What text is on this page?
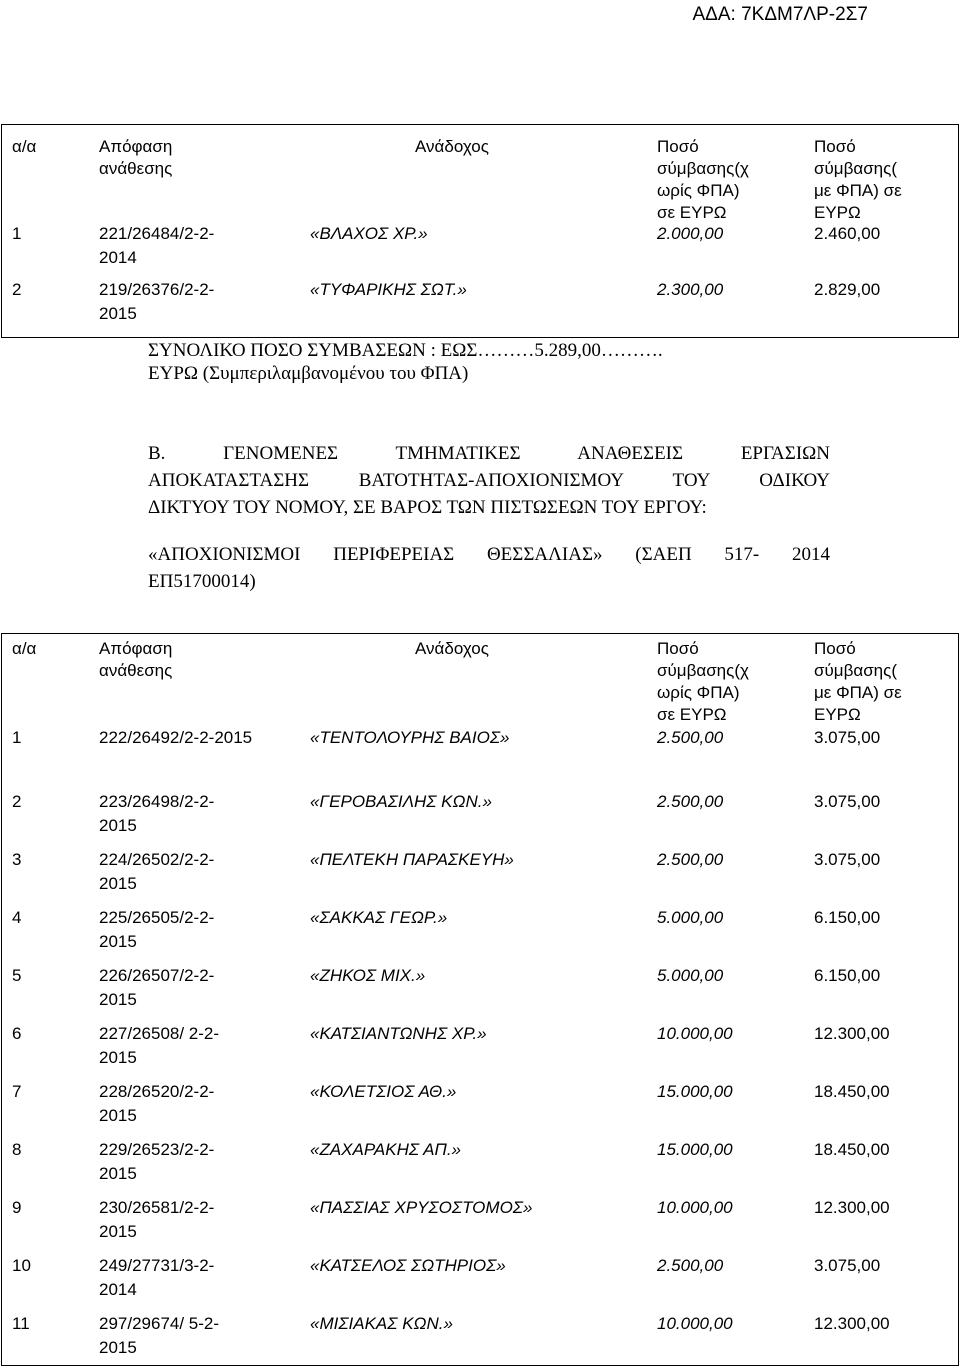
ΑΔΑ: 7ΚΔΜ7ΛΡ-2Σ7
α/α	Απόφαση
ανάθεσης
Ανάδοχος	Ποσό
σύμβασης(χ
ωρίς ΦΠΑ)
σε ΕΥΡΩ
Ποσό
σύμβασης(
με ΦΠΑ) σε
ΕΥΡΩ
1	221/26484/2-2-
2014
«ΒΛΑΧΟΣ ΧΡ.»	2.000,00	2.460,00
2	219/26376/2-2-
2015
«ΤΥΦΑΡΙΚΗΣ ΣΩΤ.»	2.300,00	2.829,00
ΣΥΝΟΛΙΚΟ ΠΟΣΟ ΣΥΜΒΑΣΕΩΝ : ΕΩΣ………5.289,00……….
ΕΥΡΩ (Συμπεριλαμβανομένου του ΦΠΑ)
Β. ΓΕΝΟΜΕΝΕΣ ΤΜΗΜΑΤΙΚΕΣ ΑΝΑΘΕΣΕΙΣ ΕΡΓΑΣΙΩΝ
ΑΠΟΚΑΤΑΣΤΑΣΗΣ ΒΑΤΟΤΗΤΑΣ-ΑΠΟΧΙΟΝΙΣΜΟΥ ΤΟΥ ΟΔΙΚΟΥ
ΔΙΚΤΥΟΥ ΤΟΥ ΝΟΜΟΥ, ΣΕ ΒΑΡΟΣ ΤΩΝ ΠΙΣΤΩΣΕΩΝ ΤΟΥ ΕΡΓΟΥ:
«ΑΠΟΧΙΟΝΙΣΜΟΙ ΠΕΡΙΦΕΡΕΙΑΣ ΘΕΣΣΑΛΙΑΣ» (ΣΑΕΠ 517- 2014
ΕΠ51700014)
α/α	Απόφαση
ανάθεσης
Ανάδοχος	Ποσό
σύμβασης(χ
ωρίς ΦΠΑ)
σε ΕΥΡΩ
Ποσό
σύμβασης(
με ΦΠΑ) σε
ΕΥΡΩ
1	222/26492/2-2-2015	«ΤΕΝΤΟΛΟΥΡΗΣ ΒΑΙΟΣ»	2.500,00	3.075,00
2	223/26498/2-2-
2015
«ΓΕΡΟΒΑΣΙΛΗΣ ΚΩΝ.»	2.500,00	3.075,00
3	224/26502/2-2-
2015
«ΠΕΛΤΕΚΗ ΠΑΡΑΣΚΕΥΗ»	2.500,00	3.075,00
4	225/26505/2-2-
2015
«ΣΑΚΚΑΣ ΓΕΩΡ.»	5.000,00	6.150,00
5	226/26507/2-2-
2015
«ΖΗΚΟΣ ΜΙΧ.»	5.000,00	6.150,00
6	227/26508/ 2-2-
2015
«ΚΑΤΣΙΑΝΤΩΝΗΣ ΧΡ.»	10.000,00	12.300,00
7	228/26520/2-2-
2015
«ΚΟΛΕΤΣΙΟΣ ΑΘ.»	15.000,00	18.450,00
8	229/26523/2-2-
2015
«ΖΑΧΑΡΑΚΗΣ ΑΠ.»	15.000,00	18.450,00
9	230/26581/2-2-
2015
«ΠΑΣΣΙΑΣ ΧΡΥΣΟΣΤΟΜΟΣ»	10.000,00	12.300,00
10	249/27731/3-2-
2014
«ΚΑΤΣΕΛΟΣ ΣΩΤΗΡΙΟΣ»	2.500,00	3.075,00
11	297/29674/ 5-2-
2015
«ΜΙΣΙΑΚΑΣ ΚΩΝ.»	10.000,00	12.300,00
